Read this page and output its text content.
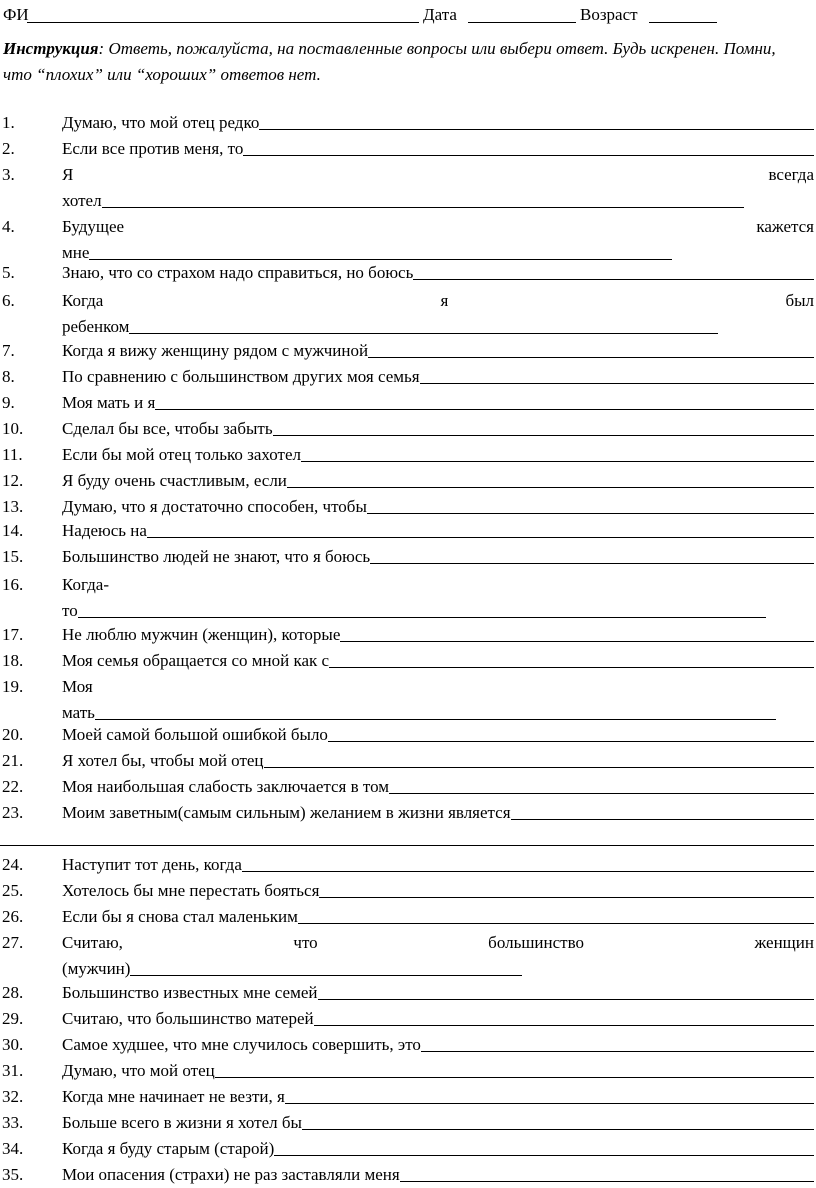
ФИ	Дата	Возраст
Инструкция: Ответь, пожалуйста, на поставленные вопросы или выбери ответ. Будь искренен. Помни, что “плохих” или “хороших” ответов нет.
1.	Думаю, что мой отец редко
2.	Если все против меня, то
3.	Я	всегда
хотел
4.	Будущее	кажется
мне
5.	Знаю, что со страхом надо справиться, но боюсь
6.	Когда	я	был
ребенком
7.	Когда я вижу женщину рядом с мужчиной
8.	По сравнению с большинством других моя семья
9.	Моя мать и я
10. Сделал бы все, чтобы забыть
11. Если бы мой отец только захотел
12. Я буду очень счастливым, если
13. Думаю, что я достаточно способен, чтобы
14. Надеюсь на
15. Большинство людей не знают, что я боюсь
16. Когда-
то
17. Не люблю мужчин (женщин), которые
18. Моя семья обращается со мной как с
19. Моя
мать
20. Моей самой большой ошибкой было
21. Я хотел бы, чтобы мой отец
22. Моя наибольшая слабость заключается в том
23. Моим заветным(самым сильным) желанием в жизни является
24. Наступит тот день, когда
25. Хотелось бы мне перестать бояться
26. Если бы я снова стал маленьким
27. Считаю,	что	большинство	женщин
(мужчин)
28. Большинство известных мне семей
29. Считаю, что большинство матерей
30. Самое худшее, что мне случилось совершить, это
31. Думаю, что мой отец
32. Когда мне начинает не везти, я
33. Больше всего в жизни я хотел бы
34. Когда я буду старым (старой)
35. Мои опасения (страхи) не раз заставляли меня
